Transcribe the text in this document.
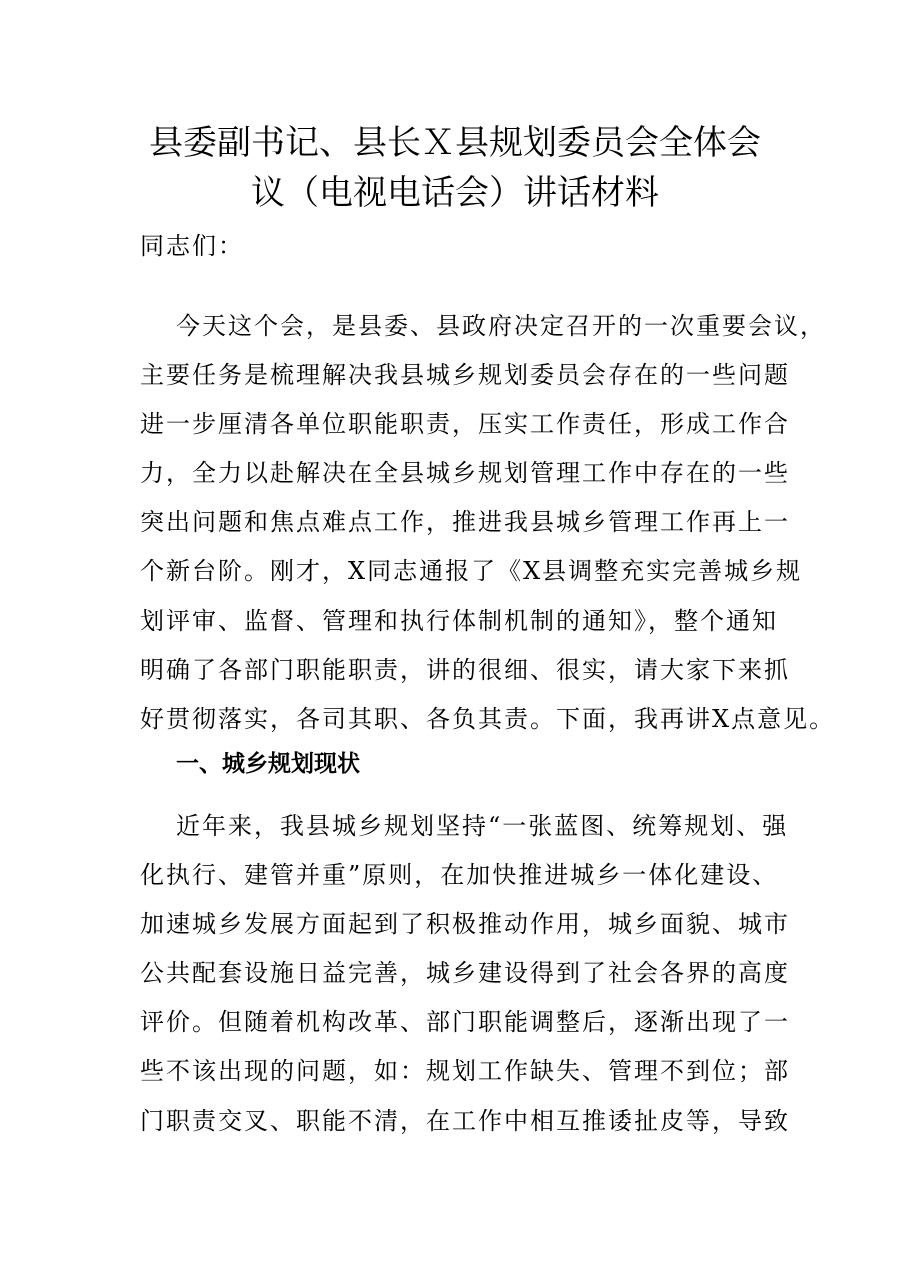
县委副书记、县长Ｘ县规划委员会全体会
议（电视电话会）讲话材料
同志们：
今天这个会，是县委、县政府决定召开的一次重要会议，
主要任务是梳理解决我县城乡规划委员会存在的一些问题
进一步厘清各单位职能职责，压实工作责任，形成工作合
力，全力以赴解决在全县城乡规划管理工作中存在的一些
突出问题和焦点难点工作，推进我县城乡管理工作再上一
个新台阶。刚才，X同志通报了《X县调整充实完善城乡规
划评审、监督、管理和执行体制机制的通知》，整个通知
明确了各部门职能职责，讲的很细、很实，请大家下来抓
好贯彻落实，各司其职、各负其责。下面，我再讲X点意见。
一、城乡规划现状
近年来，我县城乡规划坚持“一张蓝图、统筹规划、强
化执行、建管并重”原则，在加快推进城乡一体化建设、
加速城乡发展方面起到了积极推动作用，城乡面貌、城市
公共配套设施日益完善，城乡建设得到了社会各界的高度
评价。但随着机构改革、部门职能调整后，逐渐出现了一
些不该出现的问题，如：规划工作缺失、管理不到位；部
门职责交叉、职能不清，在工作中相互推诿扯皮等，导致
